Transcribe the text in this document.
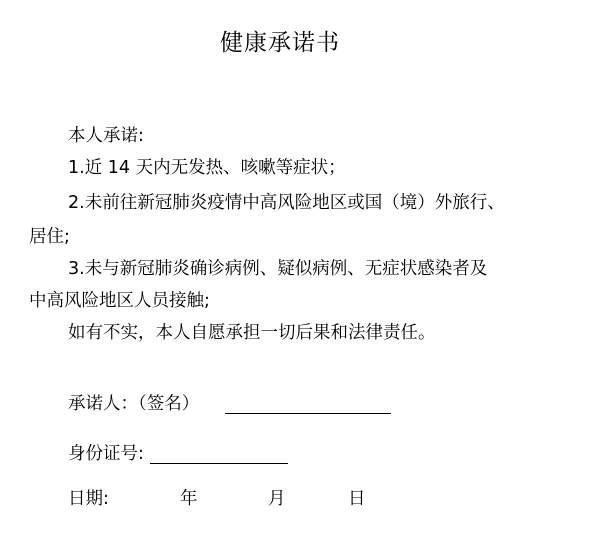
健康承诺书
本人承诺:
1.近 14 天内无发热、咳嗽等症状；
2.未前往新冠肺炎疫情中高风险地区或国（境）外旅行、
居住;
3.未与新冠肺炎确诊病例、疑似病例、无症状感染者及
中高风险地区人员接触;
如有不实，本人自愿承担一切后果和法律责任。
承诺人：（签名）
身份证号:
日期:	年	月	日
